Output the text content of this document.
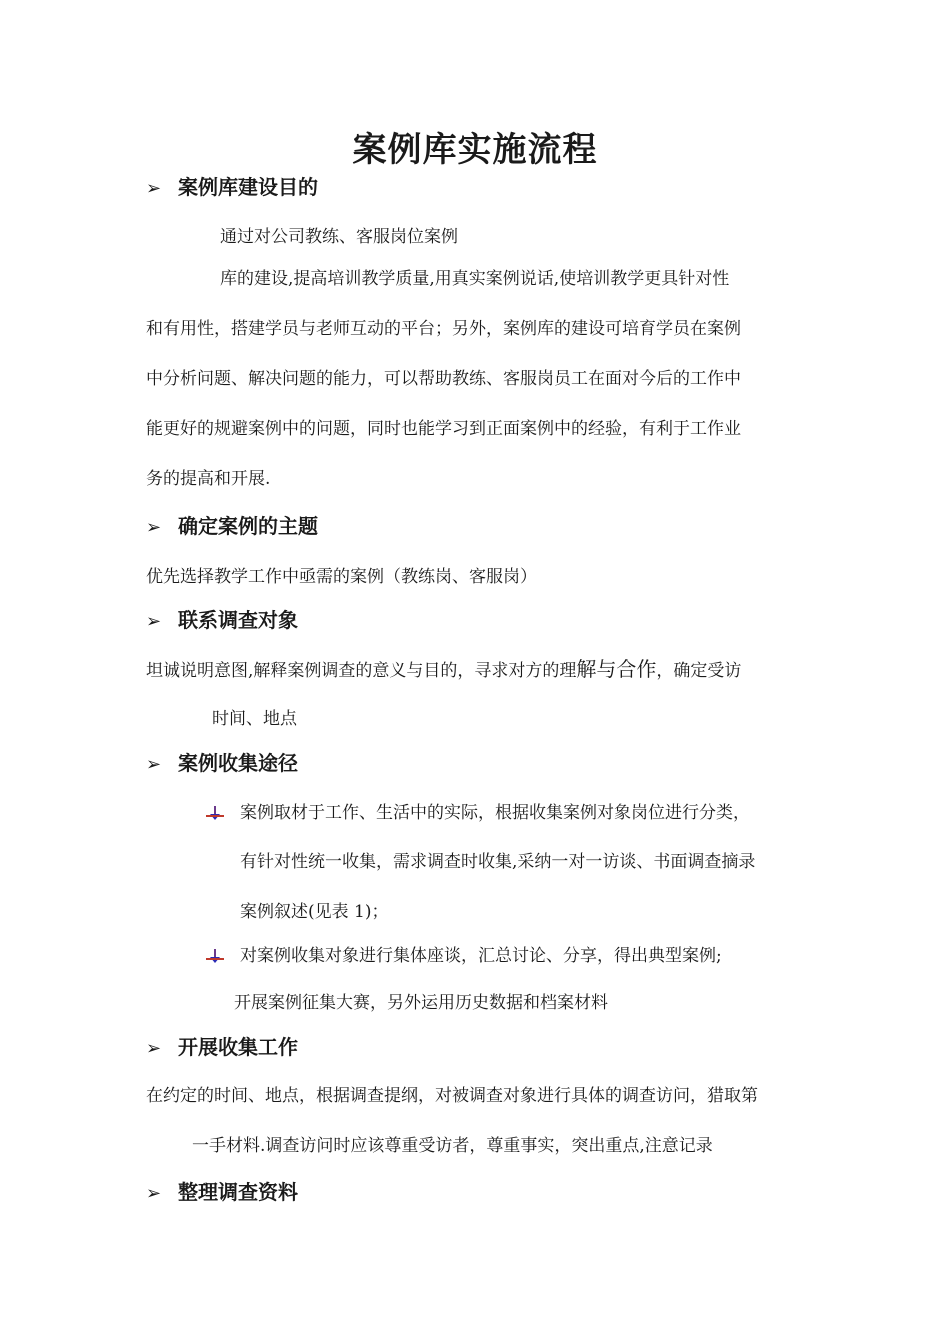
案例库实施流程
➢ 案例库建设目的
通过对公司教练、客服岗位案例
库的建设,提高培训教学质量,用真实案例说话,使培训教学更具针对性
和有用性，搭建学员与老师互动的平台；另外，案例库的建设可培育学员在案例
中分析问题、解决问题的能力，可以帮助教练、客服岗员工在面对今后的工作中
能更好的规避案例中的问题，同时也能学习到正面案例中的经验，有利于工作业
务的提高和开展.
➢ 确定案例的主题
优先选择教学工作中亟需的案例（教练岗、客服岗）
➢ 联系调查对象
坦诚说明意图,解释案例调查的意义与目的，寻求对方的理解与合作，确定受访
时间、地点
➢ 案例收集途径
案例取材于工作、生活中的实际，根据收集案例对象岗位进行分类，
有针对性统一收集，需求调查时收集,采纳一对一访谈、书面调查摘录
案例叙述(见表 1)；
对案例收集对象进行集体座谈，汇总讨论、分享，得出典型案例;
开展案例征集大赛，另外运用历史数据和档案材料
➢ 开展收集工作
在约定的时间、地点，根据调查提纲，对被调查对象进行具体的调查访问，猎取第
一手材料.调查访问时应该尊重受访者，尊重事实，突出重点,注意记录
➢ 整理调查资料
